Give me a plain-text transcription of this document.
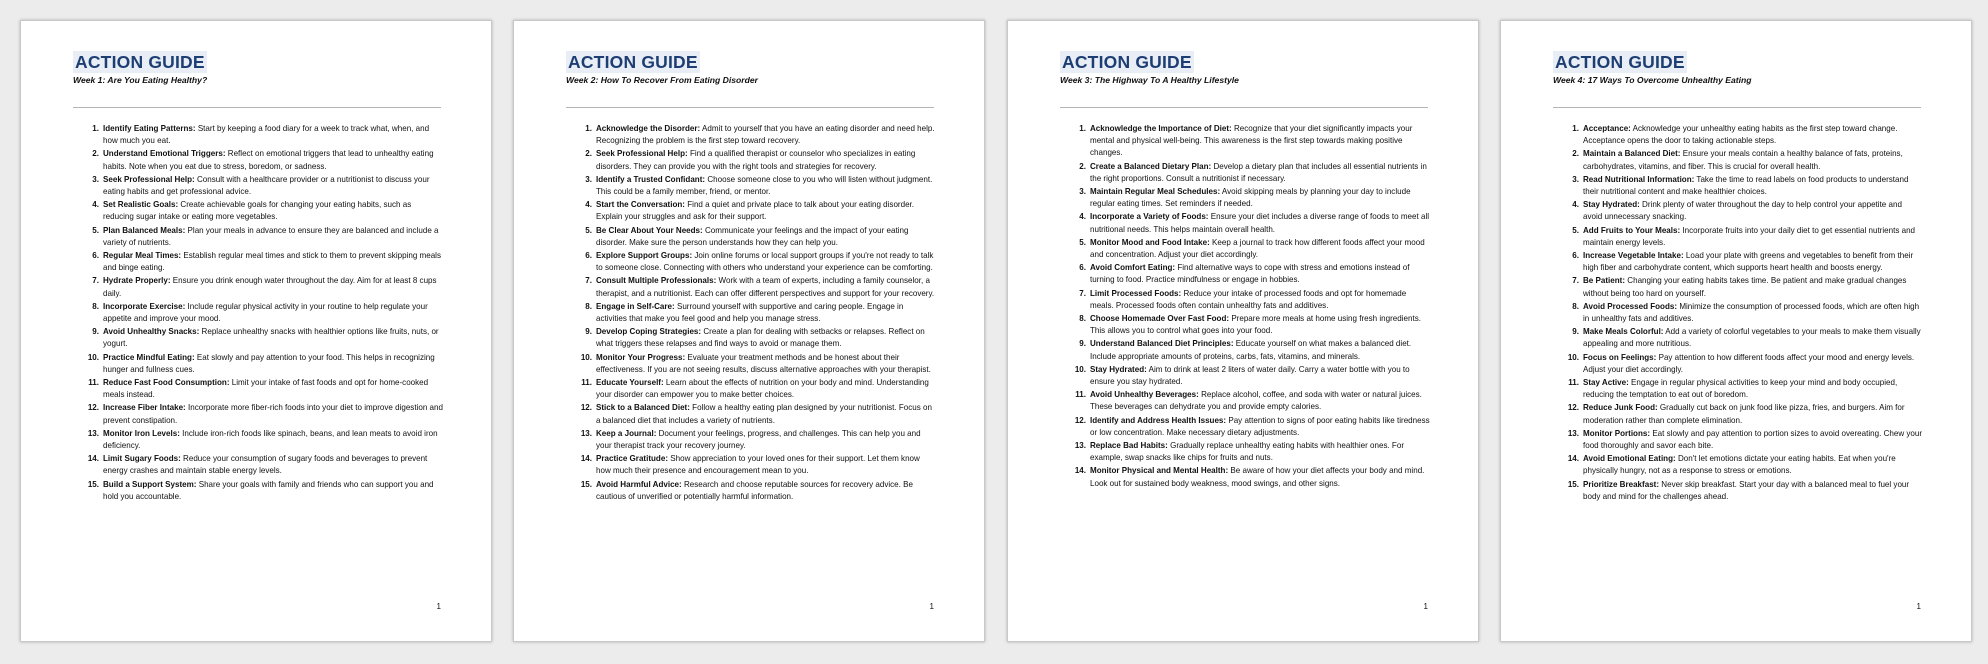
ACTION GUIDE
Week 1: Are You Eating Healthy?
1. Identify Eating Patterns: Start by keeping a food diary for a week to track what, when, and how much you eat.
2. Understand Emotional Triggers: Reflect on emotional triggers that lead to unhealthy eating habits. Note when you eat due to stress, boredom, or sadness.
3. Seek Professional Help: Consult with a healthcare provider or a nutritionist to discuss your eating habits and get professional advice.
4. Set Realistic Goals: Create achievable goals for changing your eating habits, such as reducing sugar intake or eating more vegetables.
5. Plan Balanced Meals: Plan your meals in advance to ensure they are balanced and include a variety of nutrients.
6. Regular Meal Times: Establish regular meal times and stick to them to prevent skipping meals and binge eating.
7. Hydrate Properly: Ensure you drink enough water throughout the day. Aim for at least 8 cups daily.
8. Incorporate Exercise: Include regular physical activity in your routine to help regulate your appetite and improve your mood.
9. Avoid Unhealthy Snacks: Replace unhealthy snacks with healthier options like fruits, nuts, or yogurt.
10. Practice Mindful Eating: Eat slowly and pay attention to your food. This helps in recognizing hunger and fullness cues.
11. Reduce Fast Food Consumption: Limit your intake of fast foods and opt for home-cooked meals instead.
12. Increase Fiber Intake: Incorporate more fiber-rich foods into your diet to improve digestion and prevent constipation.
13. Monitor Iron Levels: Include iron-rich foods like spinach, beans, and lean meats to avoid iron deficiency.
14. Limit Sugary Foods: Reduce your consumption of sugary foods and beverages to prevent energy crashes and maintain stable energy levels.
15. Build a Support System: Share your goals with family and friends who can support you and hold you accountable.
1
ACTION GUIDE
Week 2: How To Recover From Eating Disorder
1. Acknowledge the Disorder: Admit to yourself that you have an eating disorder and need help. Recognizing the problem is the first step toward recovery.
2. Seek Professional Help: Find a qualified therapist or counselor who specializes in eating disorders. They can provide you with the right tools and strategies for recovery.
3. Identify a Trusted Confidant: Choose someone close to you who will listen without judgment. This could be a family member, friend, or mentor.
4. Start the Conversation: Find a quiet and private place to talk about your eating disorder. Explain your struggles and ask for their support.
5. Be Clear About Your Needs: Communicate your feelings and the impact of your eating disorder. Make sure the person understands how they can help you.
6. Explore Support Groups: Join online forums or local support groups if you're not ready to talk to someone close. Connecting with others who understand your experience can be comforting.
7. Consult Multiple Professionals: Work with a team of experts, including a family counselor, a therapist, and a nutritionist. Each can offer different perspectives and support for your recovery.
8. Engage in Self-Care: Surround yourself with supportive and caring people. Engage in activities that make you feel good and help you manage stress.
9. Develop Coping Strategies: Create a plan for dealing with setbacks or relapses. Reflect on what triggers these relapses and find ways to avoid or manage them.
10. Monitor Your Progress: Evaluate your treatment methods and be honest about their effectiveness. If you are not seeing results, discuss alternative approaches with your therapist.
11. Educate Yourself: Learn about the effects of nutrition on your body and mind. Understanding your disorder can empower you to make better choices.
12. Stick to a Balanced Diet: Follow a healthy eating plan designed by your nutritionist. Focus on a balanced diet that includes a variety of nutrients.
13. Keep a Journal: Document your feelings, progress, and challenges. This can help you and your therapist track your recovery journey.
14. Practice Gratitude: Show appreciation to your loved ones for their support. Let them know how much their presence and encouragement mean to you.
15. Avoid Harmful Advice: Research and choose reputable sources for recovery advice. Be cautious of unverified or potentially harmful information.
1
ACTION GUIDE
Week 3: The Highway To A Healthy Lifestyle
1. Acknowledge the Importance of Diet: Recognize that your diet significantly impacts your mental and physical well-being. This awareness is the first step towards making positive changes.
2. Create a Balanced Dietary Plan: Develop a dietary plan that includes all essential nutrients in the right proportions. Consult a nutritionist if necessary.
3. Maintain Regular Meal Schedules: Avoid skipping meals by planning your day to include regular eating times. Set reminders if needed.
4. Incorporate a Variety of Foods: Ensure your diet includes a diverse range of foods to meet all nutritional needs. This helps maintain overall health.
5. Monitor Mood and Food Intake: Keep a journal to track how different foods affect your mood and concentration. Adjust your diet accordingly.
6. Avoid Comfort Eating: Find alternative ways to cope with stress and emotions instead of turning to food. Practice mindfulness or engage in hobbies.
7. Limit Processed Foods: Reduce your intake of processed foods and opt for homemade meals. Processed foods often contain unhealthy fats and additives.
8. Choose Homemade Over Fast Food: Prepare more meals at home using fresh ingredients. This allows you to control what goes into your food.
9. Understand Balanced Diet Principles: Educate yourself on what makes a balanced diet. Include appropriate amounts of proteins, carbs, fats, vitamins, and minerals.
10. Stay Hydrated: Aim to drink at least 2 liters of water daily. Carry a water bottle with you to ensure you stay hydrated.
11. Avoid Unhealthy Beverages: Replace alcohol, coffee, and soda with water or natural juices. These beverages can dehydrate you and provide empty calories.
12. Identify and Address Health Issues: Pay attention to signs of poor eating habits like tiredness or low concentration. Make necessary dietary adjustments.
13. Replace Bad Habits: Gradually replace unhealthy eating habits with healthier ones. For example, swap snacks like chips for fruits and nuts.
14. Monitor Physical and Mental Health: Be aware of how your diet affects your body and mind. Look out for sustained body weakness, mood swings, and other signs.
1
ACTION GUIDE
Week 4: 17 Ways To Overcome Unhealthy Eating
1. Acceptance: Acknowledge your unhealthy eating habits as the first step toward change. Acceptance opens the door to taking actionable steps.
2. Maintain a Balanced Diet: Ensure your meals contain a healthy balance of fats, proteins, carbohydrates, vitamins, and fiber. This is crucial for overall health.
3. Read Nutritional Information: Take the time to read labels on food products to understand their nutritional content and make healthier choices.
4. Stay Hydrated: Drink plenty of water throughout the day to help control your appetite and avoid unnecessary snacking.
5. Add Fruits to Your Meals: Incorporate fruits into your daily diet to get essential nutrients and maintain energy levels.
6. Increase Vegetable Intake: Load your plate with greens and vegetables to benefit from their high fiber and carbohydrate content, which supports heart health and boosts energy.
7. Be Patient: Changing your eating habits takes time. Be patient and make gradual changes without being too hard on yourself.
8. Avoid Processed Foods: Minimize the consumption of processed foods, which are often high in unhealthy fats and additives.
9. Make Meals Colorful: Add a variety of colorful vegetables to your meals to make them visually appealing and more nutritious.
10. Focus on Feelings: Pay attention to how different foods affect your mood and energy levels. Adjust your diet accordingly.
11. Stay Active: Engage in regular physical activities to keep your mind and body occupied, reducing the temptation to eat out of boredom.
12. Reduce Junk Food: Gradually cut back on junk food like pizza, fries, and burgers. Aim for moderation rather than complete elimination.
13. Monitor Portions: Eat slowly and pay attention to portion sizes to avoid overeating. Chew your food thoroughly and savor each bite.
14. Avoid Emotional Eating: Don't let emotions dictate your eating habits. Eat when you're physically hungry, not as a response to stress or emotions.
15. Prioritize Breakfast: Never skip breakfast. Start your day with a balanced meal to fuel your body and mind for the challenges ahead.
1
